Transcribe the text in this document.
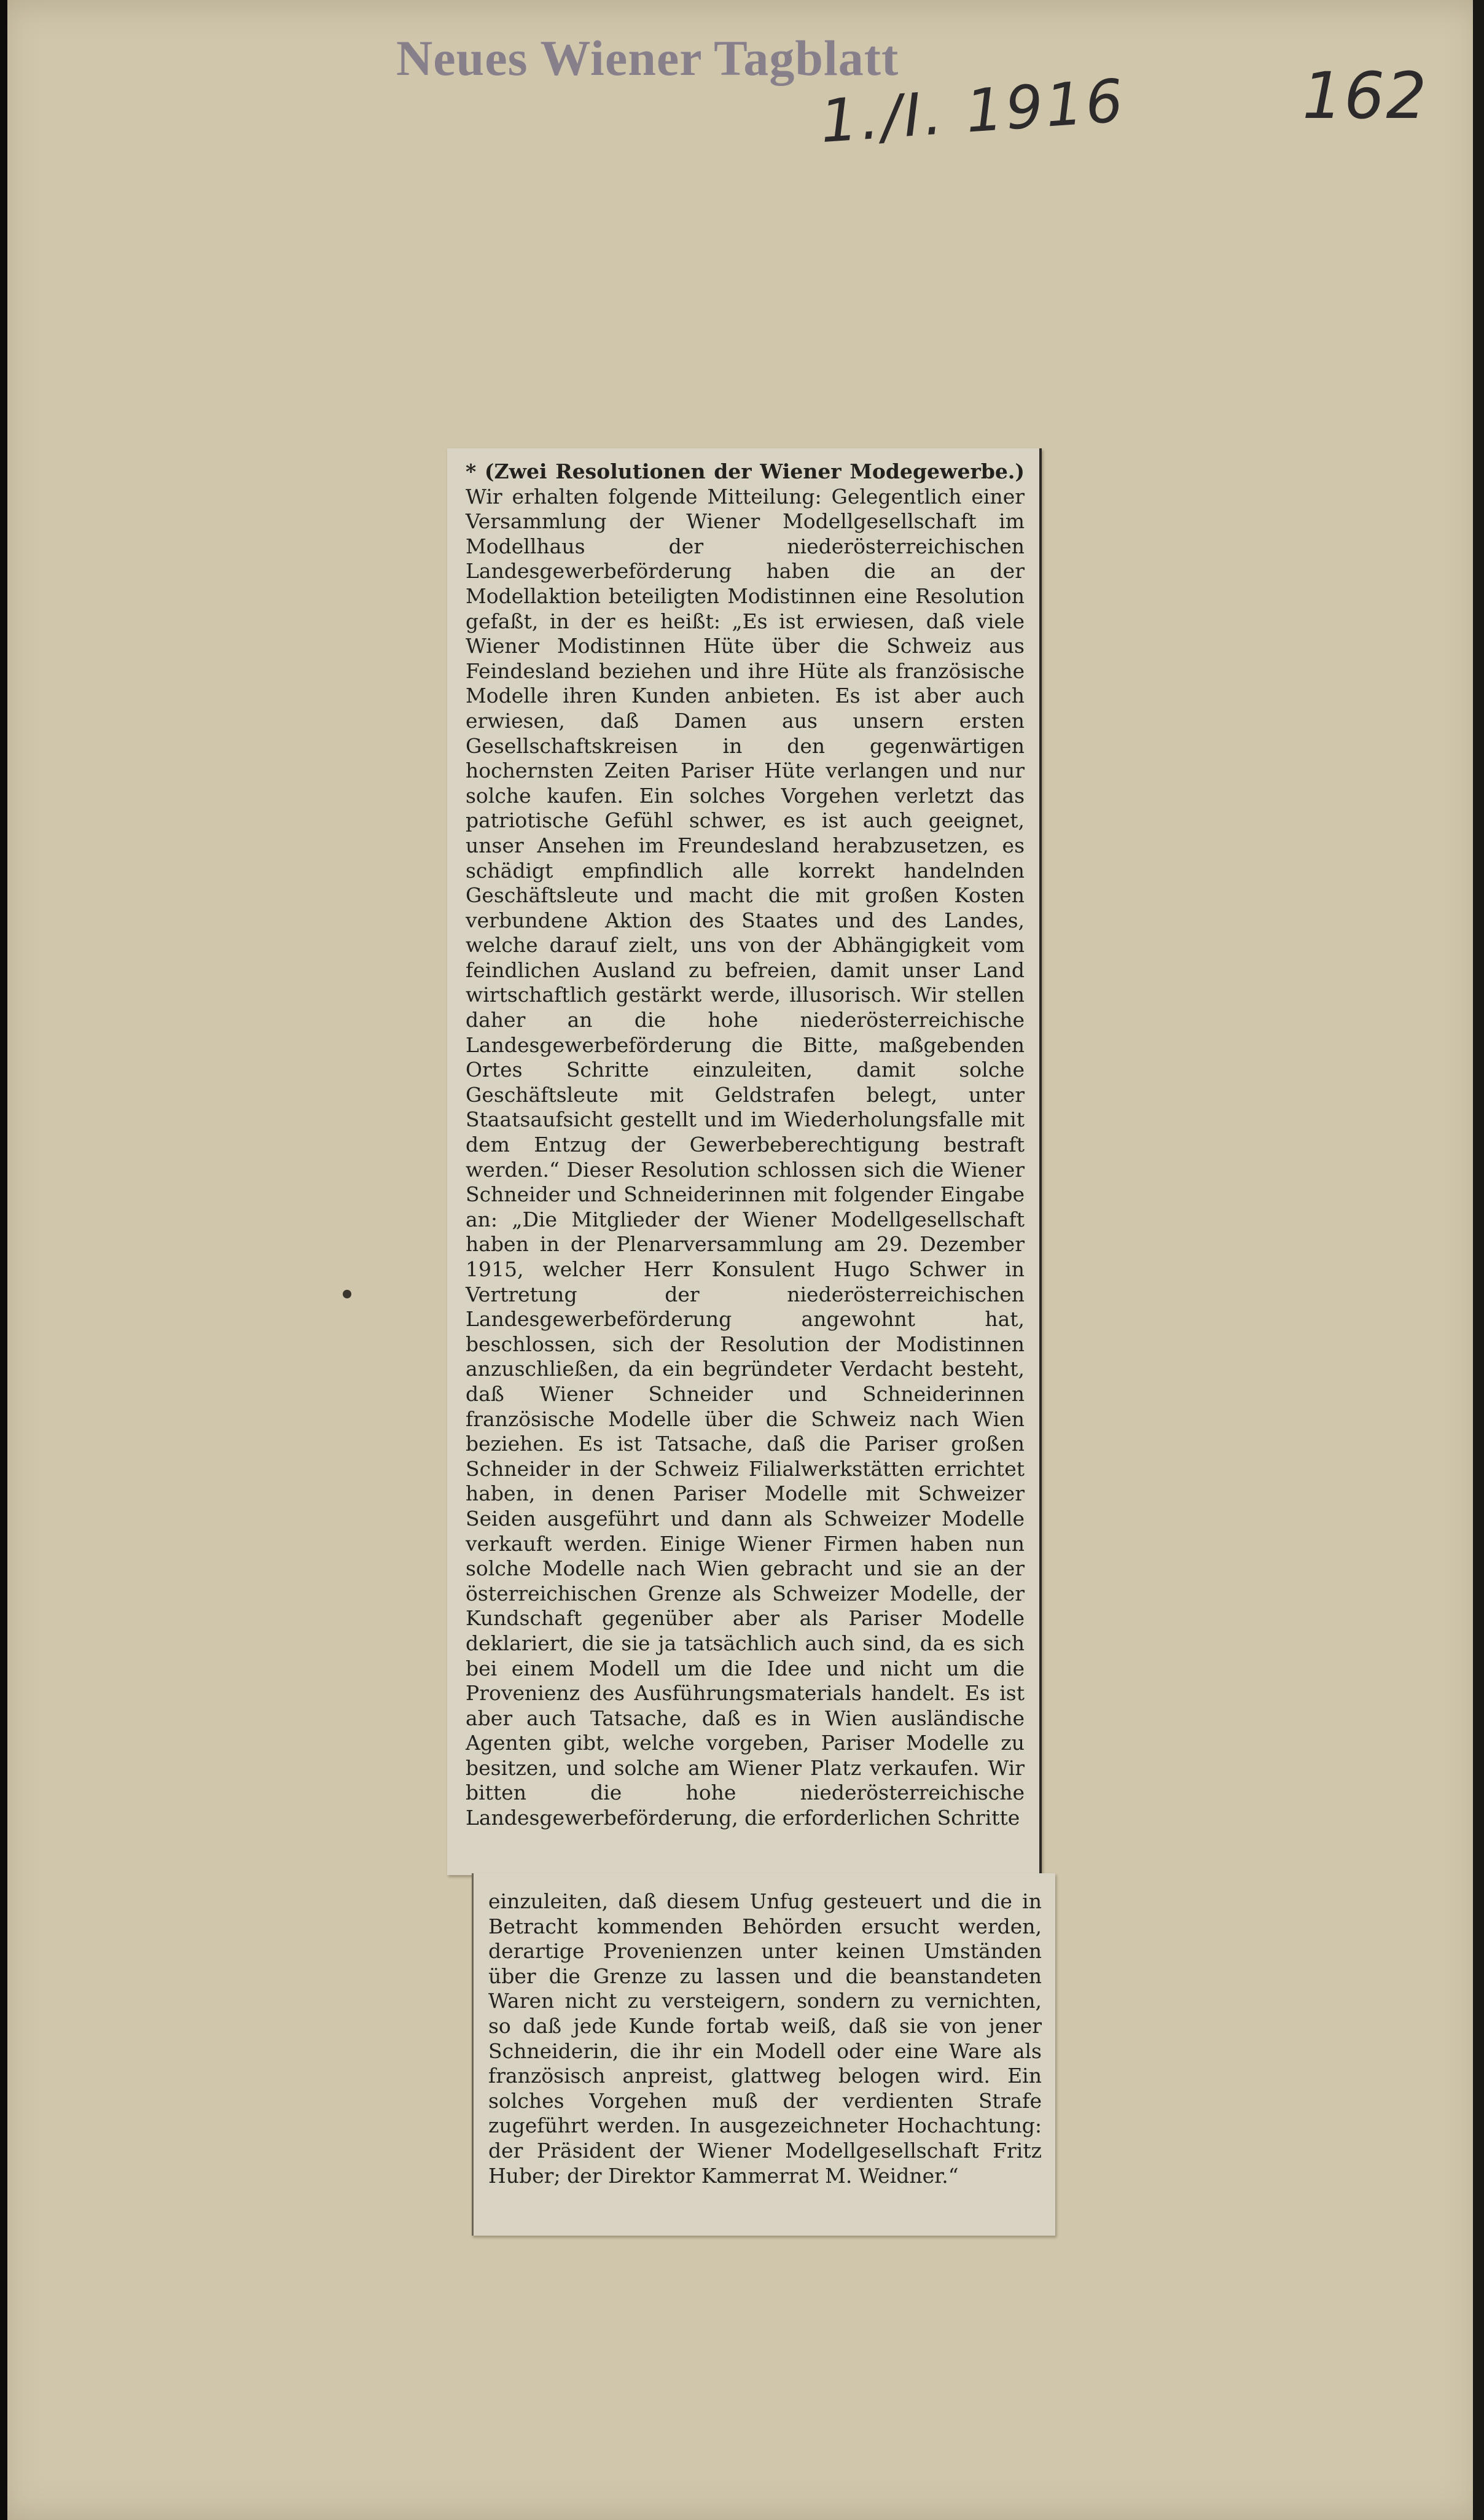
Neues Wiener Tagblatt
1./I. 1916	162

* (Zwei Resolutionen der Wiener Modegewerbe.) Wir erhalten folgende Mitteilung: Gelegentlich einer Versammlung der Wiener Modellgesellschaft im Modellhaus der niederösterreichischen Landesgewerbeförderung haben die an der Modellaktion beteiligten Modistinnen eine Resolution gefaßt, in der es heißt: „Es ist erwiesen, daß viele Wiener Modistinnen Hüte über die Schweiz aus Feindesland beziehen und ihre Hüte als französische Modelle ihren Kunden anbieten. Es ist aber auch erwiesen, daß Damen aus unsern ersten Gesellschaftskreisen in den gegenwärtigen hochernsten Zeiten Pariser Hüte verlangen und nur solche kaufen. Ein solches Vorgehen verletzt das patriotische Gefühl schwer, es ist auch geeignet, unser Ansehen im Freundesland herabzusetzen, es schädigt empfindlich alle korrekt handelnden Geschäftsleute und macht die mit großen Kosten verbundene Aktion des Staates und des Landes, welche darauf zielt, uns von der Abhängigkeit vom feindlichen Ausland zu befreien, damit unser Land wirtschaftlich gestärkt werde, illusorisch. Wir stellen daher an die hohe niederösterreichische Landesgewerbeförderung die Bitte, maßgebenden Ortes Schritte einzuleiten, damit solche Geschäftsleute mit Geldstrafen belegt, unter Staatsaufsicht gestellt und im Wiederholungsfalle mit dem Entzug der Gewerbeberechtigung bestraft werden.“ Dieser Resolution schlossen sich die Wiener Schneider und Schneiderinnen mit folgender Eingabe an: „Die Mitglieder der Wiener Modellgesellschaft haben in der Plenarversammlung am 29. Dezember 1915, welcher Herr Konsulent Hugo Schwer in Vertretung der niederösterreichischen Landesgewerbeförderung angewohnt hat, beschlossen, sich der Resolution der Modistinnen anzuschließen, da ein begründeter Verdacht besteht, daß Wiener Schneider und Schneiderinnen französische Modelle über die Schweiz nach Wien beziehen. Es ist Tatsache, daß die Pariser großen Schneider in der Schweiz Filialwerkstätten errichtet haben, in denen Pariser Modelle mit Schweizer Seiden ausgeführt und dann als Schweizer Modelle verkauft werden. Einige Wiener Firmen haben nun solche Modelle nach Wien gebracht und sie an der österreichischen Grenze als Schweizer Modelle, der Kundschaft gegenüber aber als Pariser Modelle deklariert, die sie ja tatsächlich auch sind, da es sich bei einem Modell um die Idee und nicht um die Provenienz des Ausführungsmaterials handelt. Es ist aber auch Tatsache, daß es in Wien ausländische Agenten gibt, welche vorgeben, Pariser Modelle zu besitzen, und solche am Wiener Platz verkaufen. Wir bitten die hohe niederösterreichische Landesgewerbeförderung, die erforderlichen Schritte

einzuleiten, daß diesem Unfug gesteuert und die in Betracht kommenden Behörden ersucht werden, derartige Provenienzen unter keinen Umständen über die Grenze zu lassen und die beanstandeten Waren nicht zu versteigern, sondern zu vernichten, so daß jede Kunde fortab weiß, daß sie von jener Schneiderin, die ihr ein Modell oder eine Ware als französisch anpreist, glattweg belogen wird. Ein solches Vorgehen muß der verdienten Strafe zugeführt werden. In ausgezeichneter Hochachtung: der Präsident der Wiener Modellgesellschaft Fritz Huber; der Direktor Kammerrat M. Weidner.“
